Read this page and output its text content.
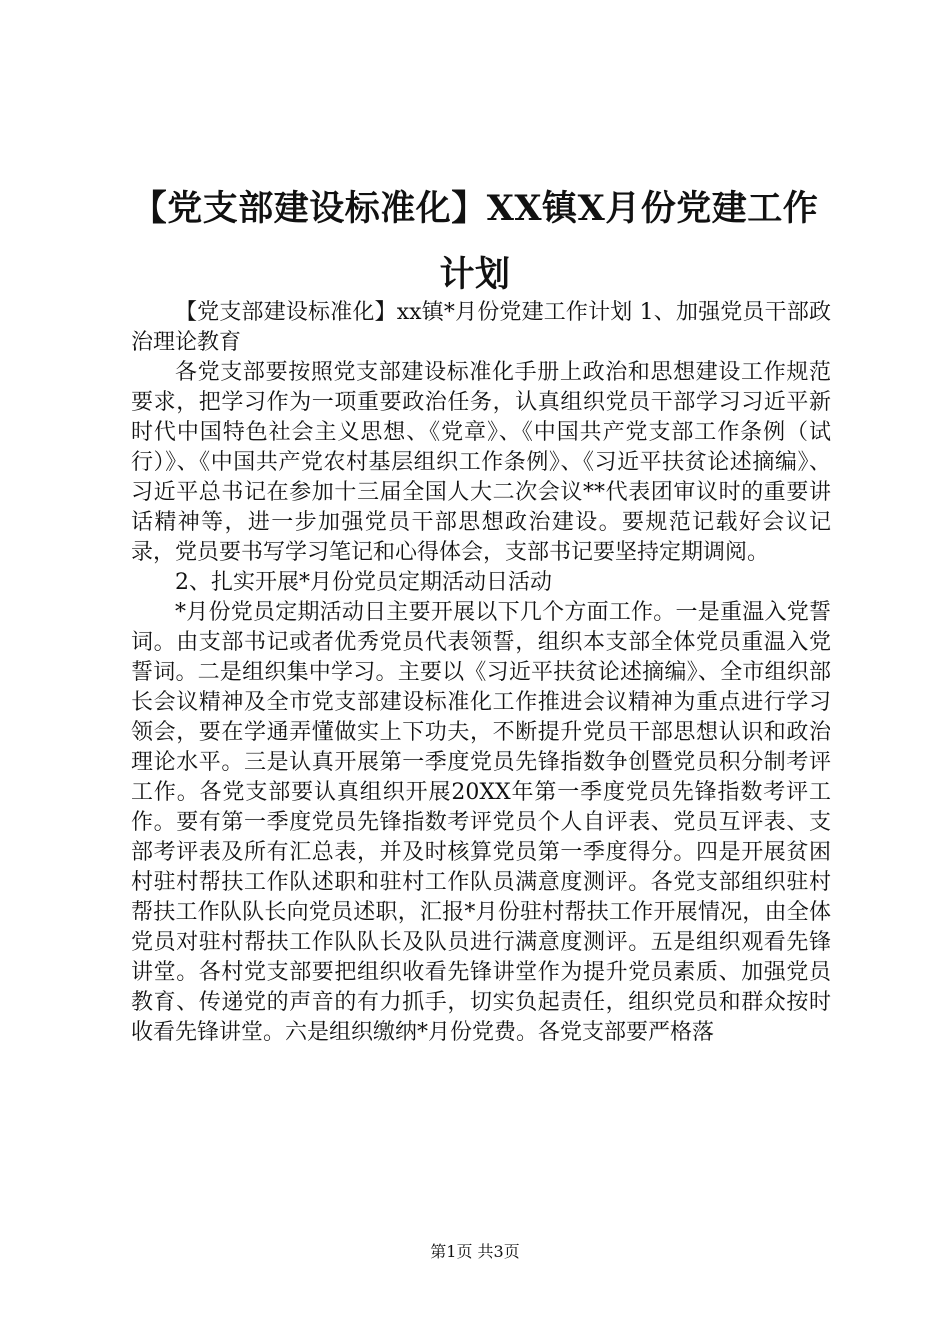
【党支部建设标准化】XX镇X月份党建工作计划

【党支部建设标准化】xx镇*月份党建工作计划 1、加强党员干部政治理论教育

各党支部要按照党支部建设标准化手册上政治和思想建设工作规范要求，把学习作为一项重要政治任务，认真组织党员干部学习习近平新时代中国特色社会主义思想、《党章》、《中国共产党支部工作条例（试行）》、《中国共产党农村基层组织工作条例》、《习近平扶贫论述摘编》、习近平总书记在参加十三届全国人大二次会议**代表团审议时的重要讲话精神等，进一步加强党员干部思想政治建设。要规范记载好会议记录，党员要书写学习笔记和心得体会，支部书记要坚持定期调阅。

2、扎实开展*月份党员定期活动日活动

*月份党员定期活动日主要开展以下几个方面工作。一是重温入党誓词。由支部书记或者优秀党员代表领誓，组织本支部全体党员重温入党誓词。二是组织集中学习。主要以《习近平扶贫论述摘编》、全市组织部长会议精神及全市党支部建设标准化工作推进会议精神为重点进行学习领会，要在学通弄懂做实上下功夫，不断提升党员干部思想认识和政治理论水平。三是认真开展第一季度党员先锋指数争创暨党员积分制考评工作。各党支部要认真组织开展20XX年第一季度党员先锋指数考评工作。要有第一季度党员先锋指数考评党员个人自评表、党员互评表、支部考评表及所有汇总表，并及时核算党员第一季度得分。四是开展贫困村驻村帮扶工作队述职和驻村工作队员满意度测评。各党支部组织驻村帮扶工作队队长向党员述职，汇报*月份驻村帮扶工作开展情况，由全体党员对驻村帮扶工作队队长及队员进行满意度测评。五是组织观看先锋讲堂。各村党支部要把组织收看先锋讲堂作为提升党员素质、加强党员教育、传递党的声音的有力抓手，切实负起责任，组织党员和群众按时收看先锋讲堂。六是组织缴纳*月份党费。各党支部要严格落

第1页 共3页
